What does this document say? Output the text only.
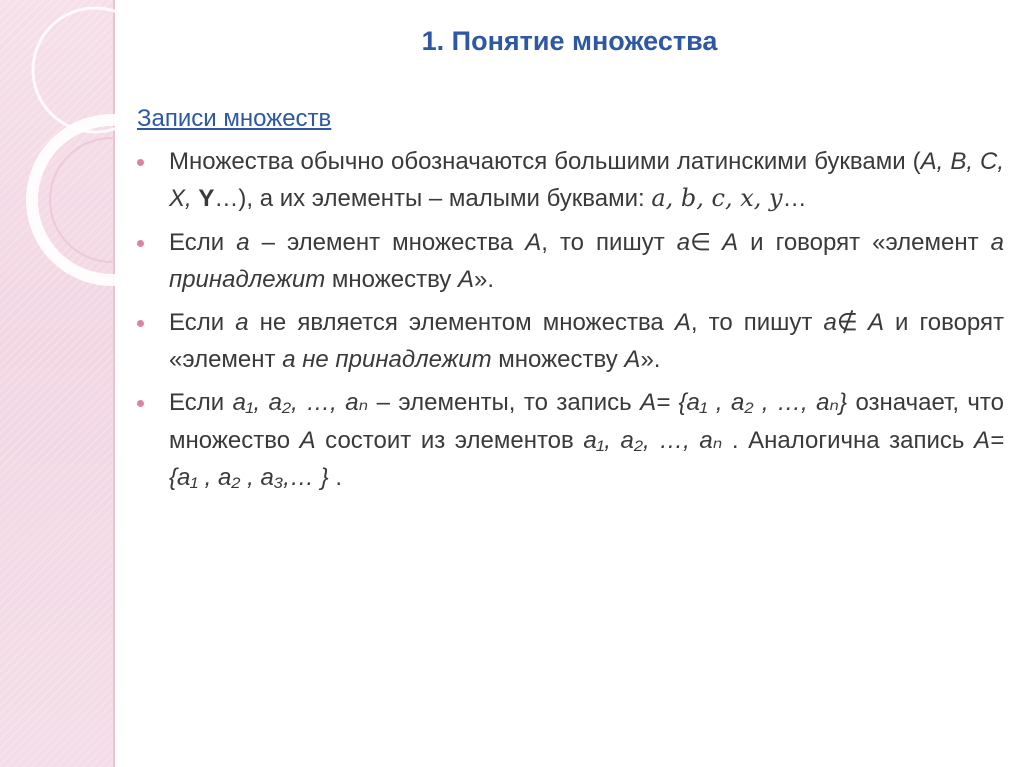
1. Понятие множества
Записи множеств
Множества обычно обозначаются большими латинскими буквами (A, B, C, X, Y…), а их элементы – малыми буквами: a, b, c, x, y…
Если a – элемент множества A, то пишут a∈ A и говорят «элемент a принадлежит множеству A».
Если a не является элементом множества A, то пишут a∉ A и говорят «элемент a не принадлежит множеству A».
Если a₁, a₂, …, aₙ – элементы, то запись A= {a₁ , a₂ , …, aₙ} означает, что множество A состоит из элементов a₁, a₂, …, aₙ . Аналогична запись A= {a₁ , a₂ , a₃,… } .
